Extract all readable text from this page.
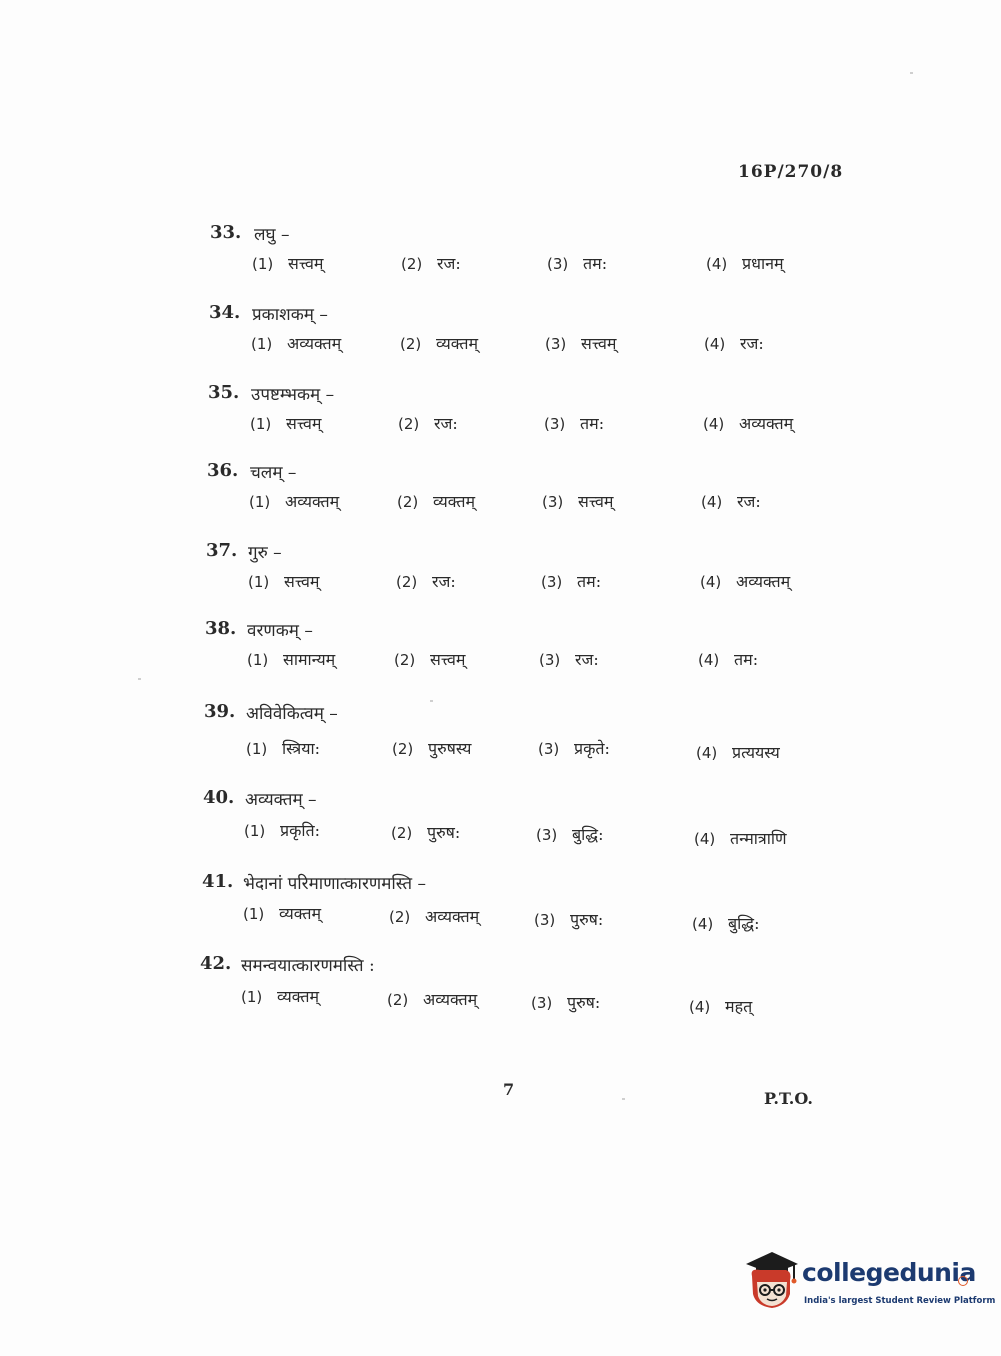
16P/270/8
33. लघु –
(1) सत्त्वम्	(2) रज:	(3) तम:	(4) प्रधानम्
34. प्रकाशकम् –
(1) अव्यक्तम्	(2) व्यक्तम्	(3) सत्त्वम्	(4) रज:
35. उपष्टम्भकम् –
(1) सत्त्वम्	(2) रज:	(3) तम:	(4) अव्यक्तम्
36. चलम् –
(1) अव्यक्तम्	(2) व्यक्तम्	(3) सत्त्वम्	(4) रज:
37. गुरु –
(1) सत्त्वम्	(2) रज:	(3) तम:	(4) अव्यक्तम्
38. वरणकम् –
(1) सामान्यम्	(2) सत्त्वम्	(3) रज:	(4) तम:
39. अविवेकित्वम् –
(1) स्त्रिया:	(2) पुरुषस्य	(3) प्रकृते:	(4) प्रत्ययस्य
40. अव्यक्तम् –
(1) प्रकृति:	(2) पुरुष:	(3) बुद्धि:	(4) तन्मात्राणि
41. भेदानां परिमाणात्कारणमस्ति –
(1) व्यक्तम्	(2) अव्यक्तम्	(3) पुरुष:	(4) बुद्धि:
42. समन्वयात्कारणमस्ति :
(1) व्यक्तम्	(2) अव्यक्तम्	(3) पुरुष:	(4) महत्
7	P.T.O.
collegedunia
India's largest Student Review Platform
